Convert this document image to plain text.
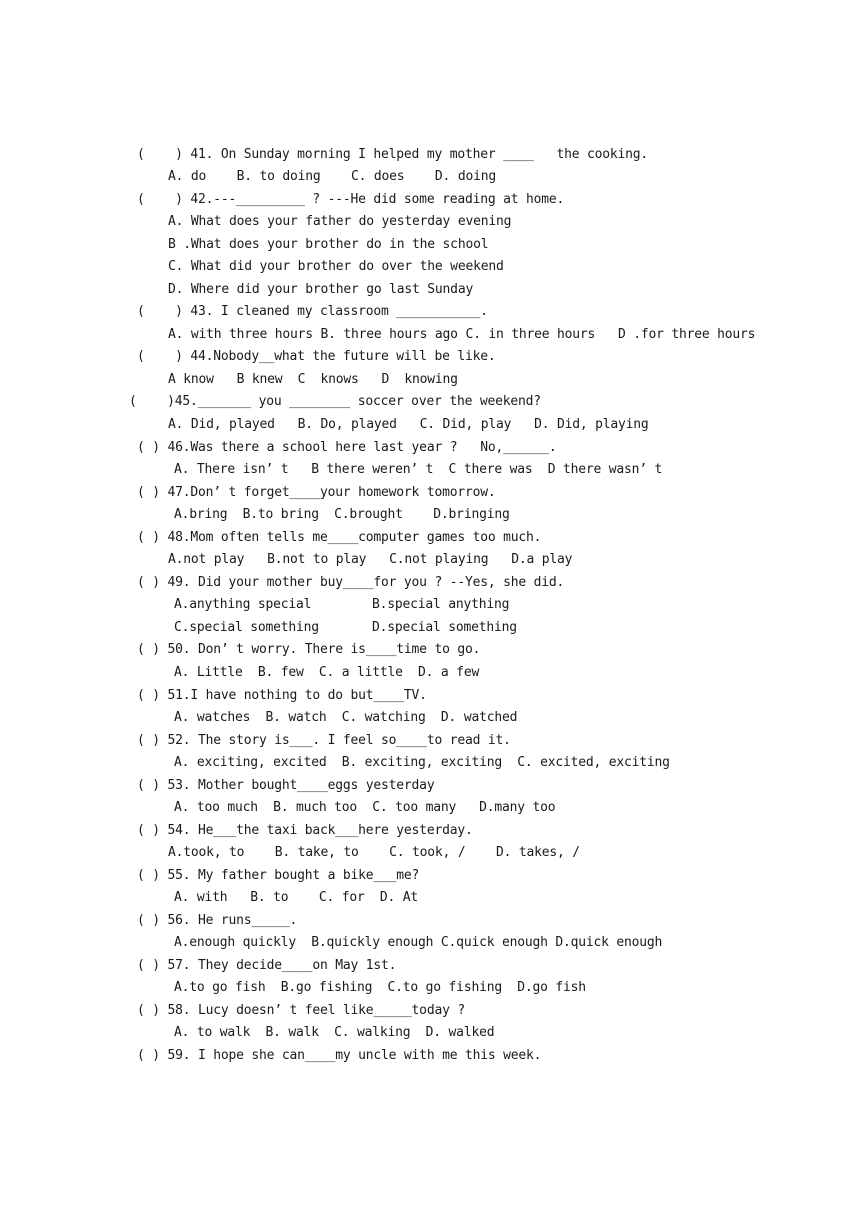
(    ) 41. On Sunday morning I helped my mother ____   the cooking.
A. do    B. to doing    C. does    D. doing
(    ) 42.---_________ ? ---He did some reading at home.
A. What does your father do yesterday evening
B .What does your brother do in the school
C. What did your brother do over the weekend
D. Where did your brother go last Sunday
(    ) 43. I cleaned my classroom ___________.
A. with three hours B. three hours ago C. in three hours   D .for three hours
(    ) 44.Nobody__what the future will be like.
A know   B knew  C  knows   D  knowing
(    )45._______ you ________ soccer over the weekend?
A. Did, played   B. Do, played   C. Did, play   D. Did, playing
( ) 46.Was there a school here last year ?   No,______.
A. There isn’ t   B there weren’ t  C there was  D there wasn’ t
( ) 47.Don’ t forget____your homework tomorrow.
A.bring  B.to bring  C.brought    D.bringing
( ) 48.Mom often tells me____computer games too much.
A.not play   B.not to play   C.not playing   D.a play
( ) 49. Did your mother buy____for you ? --Yes, she did.
A.anything special	B.special anything
C.special something	D.special something
( ) 50. Don’ t worry. There is____time to go.
A. Little  B. few  C. a little  D. a few
( ) 51.I have nothing to do but____TV.
A. watches  B. watch  C. watching  D. watched
( ) 52. The story is___. I feel so____to read it.
A. exciting, excited  B. exciting, exciting  C. excited, exciting
( ) 53. Mother bought____eggs yesterday
A. too much  B. much too  C. too many   D.many too
( ) 54. He___the taxi back___here yesterday.
A.took, to    B. take, to    C. took, /    D. takes, /
( ) 55. My father bought a bike___me?
A. with   B. to    C. for  D. At
( ) 56. He runs_____.
A.enough quickly  B.quickly enough C.quick enough D.quick enough
( ) 57. They decide____on May 1st.
A.to go fish  B.go fishing  C.to go fishing  D.go fish
( ) 58. Lucy doesn’ t feel like_____today ?
A. to walk  B. walk  C. walking  D. walked
( ) 59. I hope she can____my uncle with me this week.
